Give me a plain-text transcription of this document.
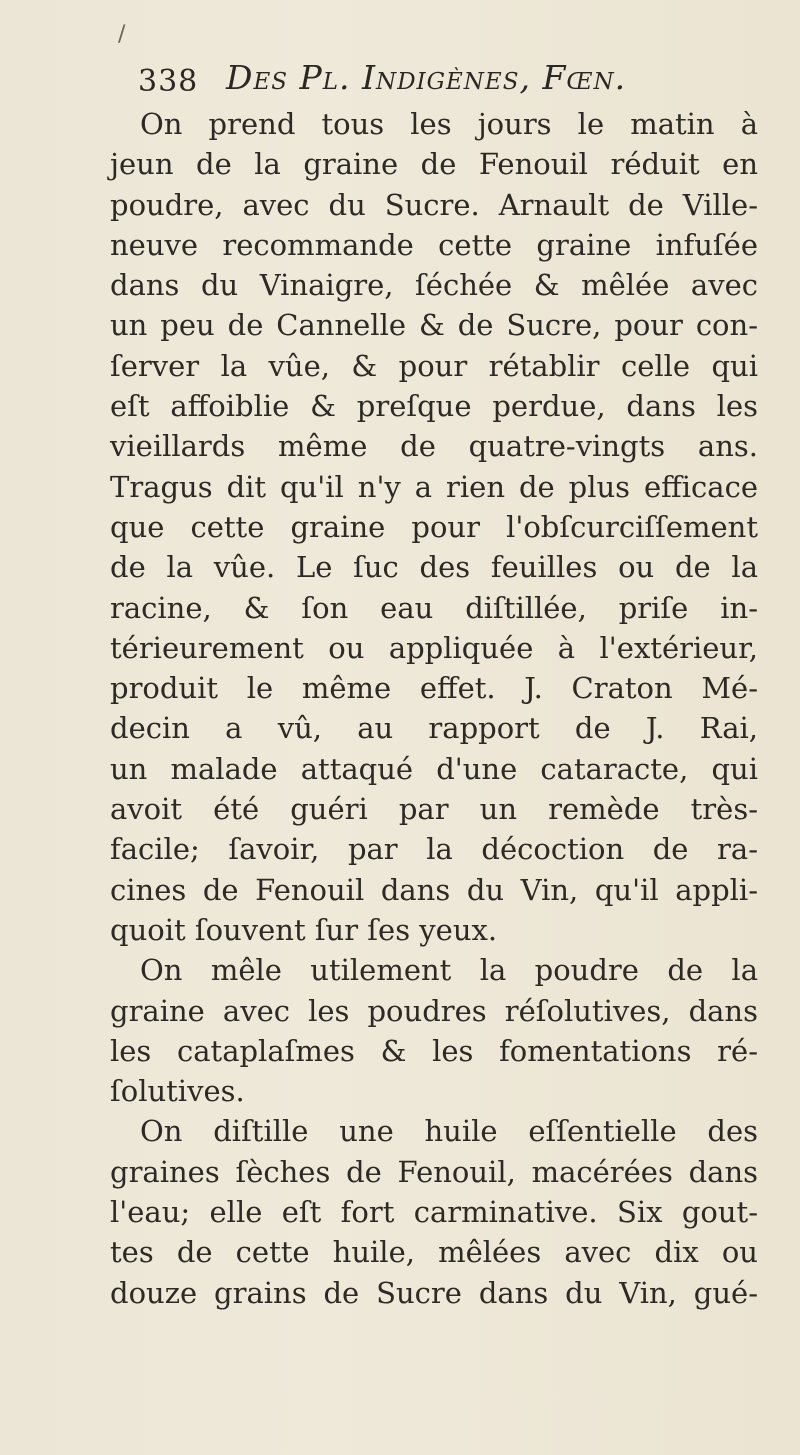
/
338 Des Pl. Indigènes, Fœn.
On prend tous les jours le matin à
jeun de la graine de Fenouil réduit en
poudre, avec du Sucre. Arnault de Ville-
neuve recommande cette graine infuſée
dans du Vinaigre, ſéchée & mêlée avec
un peu de Cannelle & de Sucre, pour con-
ſerver la vûe, & pour rétablir celle qui
eſt affoiblie & preſque perdue, dans les
vieillards même de quatre-vingts ans.
Tragus dit qu'il n'y a rien de plus efficace
que cette graine pour l'obſcurciſſement
de la vûe. Le ſuc des feuilles ou de la
racine, & ſon eau diſtillée, priſe in-
térieurement ou appliquée à l'extérieur,
produit le même effet. J. Craton Mé-
decin a vû, au rapport de J. Rai,
un malade attaqué d'une cataracte, qui
avoit été guéri par un remède très-
facile; ſavoir, par la décoction de ra-
cines de Fenouil dans du Vin, qu'il appli-
quoit ſouvent ſur ſes yeux.
On mêle utilement la poudre de la
graine avec les poudres réſolutives, dans
les cataplaſmes & les fomentations ré-
ſolutives.
On diſtille une huile eſſentielle des
graines ſèches de Fenouil, macérées dans
l'eau; elle eſt fort carminative. Six gout-
tes de cette huile, mêlées avec dix ou
douze grains de Sucre dans du Vin, gué-
